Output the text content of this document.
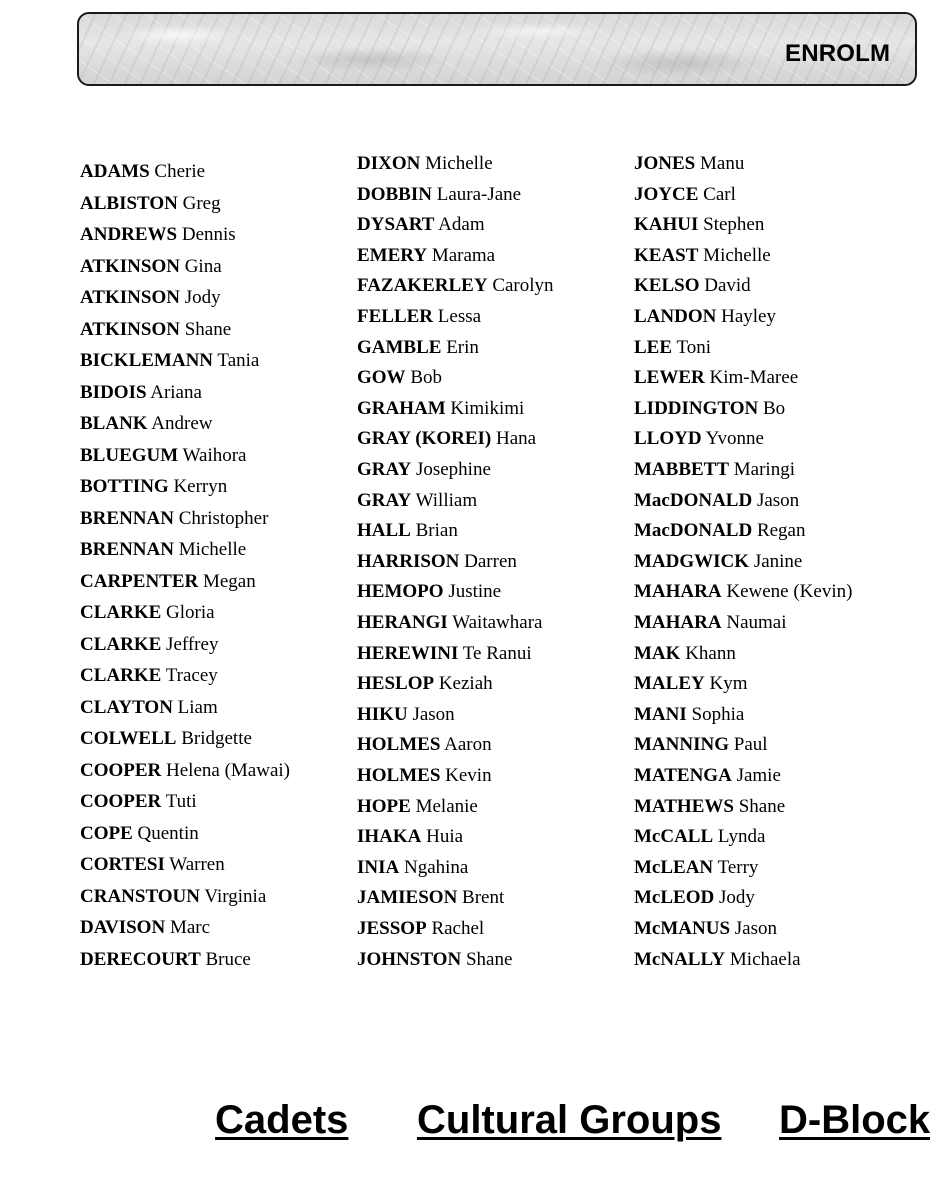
ENROLM
ADAMS Cherie
ALBISTON Greg
ANDREWS Dennis
ATKINSON Gina
ATKINSON Jody
ATKINSON Shane
BICKLEMANN Tania
BIDOIS Ariana
BLANK Andrew
BLUEGUM Waihora
BOTTING Kerryn
BRENNAN Christopher
BRENNAN Michelle
CARPENTER Megan
CLARKE Gloria
CLARKE Jeffrey
CLARKE Tracey
CLAYTON Liam
COLWELL Bridgette
COOPER Helena (Mawai)
COOPER Tuti
COPE Quentin
CORTESI Warren
CRANSTOUN Virginia
DAVISON Marc
DERECOURT Bruce
DIXON Michelle
DOBBIN Laura-Jane
DYSART Adam
EMERY Marama
FAZAKERLEY Carolyn
FELLER Lessa
GAMBLE Erin
GOW Bob
GRAHAM Kimikimi
GRAY (KOREI) Hana
GRAY Josephine
GRAY William
HALL Brian
HARRISON Darren
HEMOPO Justine
HERANGI Waitawhara
HEREWINI Te Ranui
HESLOP Keziah
HIKU Jason
HOLMES Aaron
HOLMES Kevin
HOPE Melanie
IHAKA Huia
INIA Ngahina
JAMIESON Brent
JESSOP Rachel
JOHNSTON Shane
JONES Manu
JOYCE Carl
KAHUI Stephen
KEAST Michelle
KELSO David
LANDON Hayley
LEE Toni
LEWER Kim-Maree
LIDDINGTON Bo
LLOYD Yvonne
MABBETT Maringi
MacDONALD Jason
MacDONALD Regan
MADGWICK Janine
MAHARA Kewene (Kevin)
MAHARA Naumai
MAK Khann
MALEY Kym
MANI Sophia
MANNING Paul
MATENGA Jamie
MATHEWS Shane
McCALL Lynda
McLEAN Terry
McLEOD Jody
McMANUS Jason
McNALLY Michaela
Cadets Cultural Groups D-Block
